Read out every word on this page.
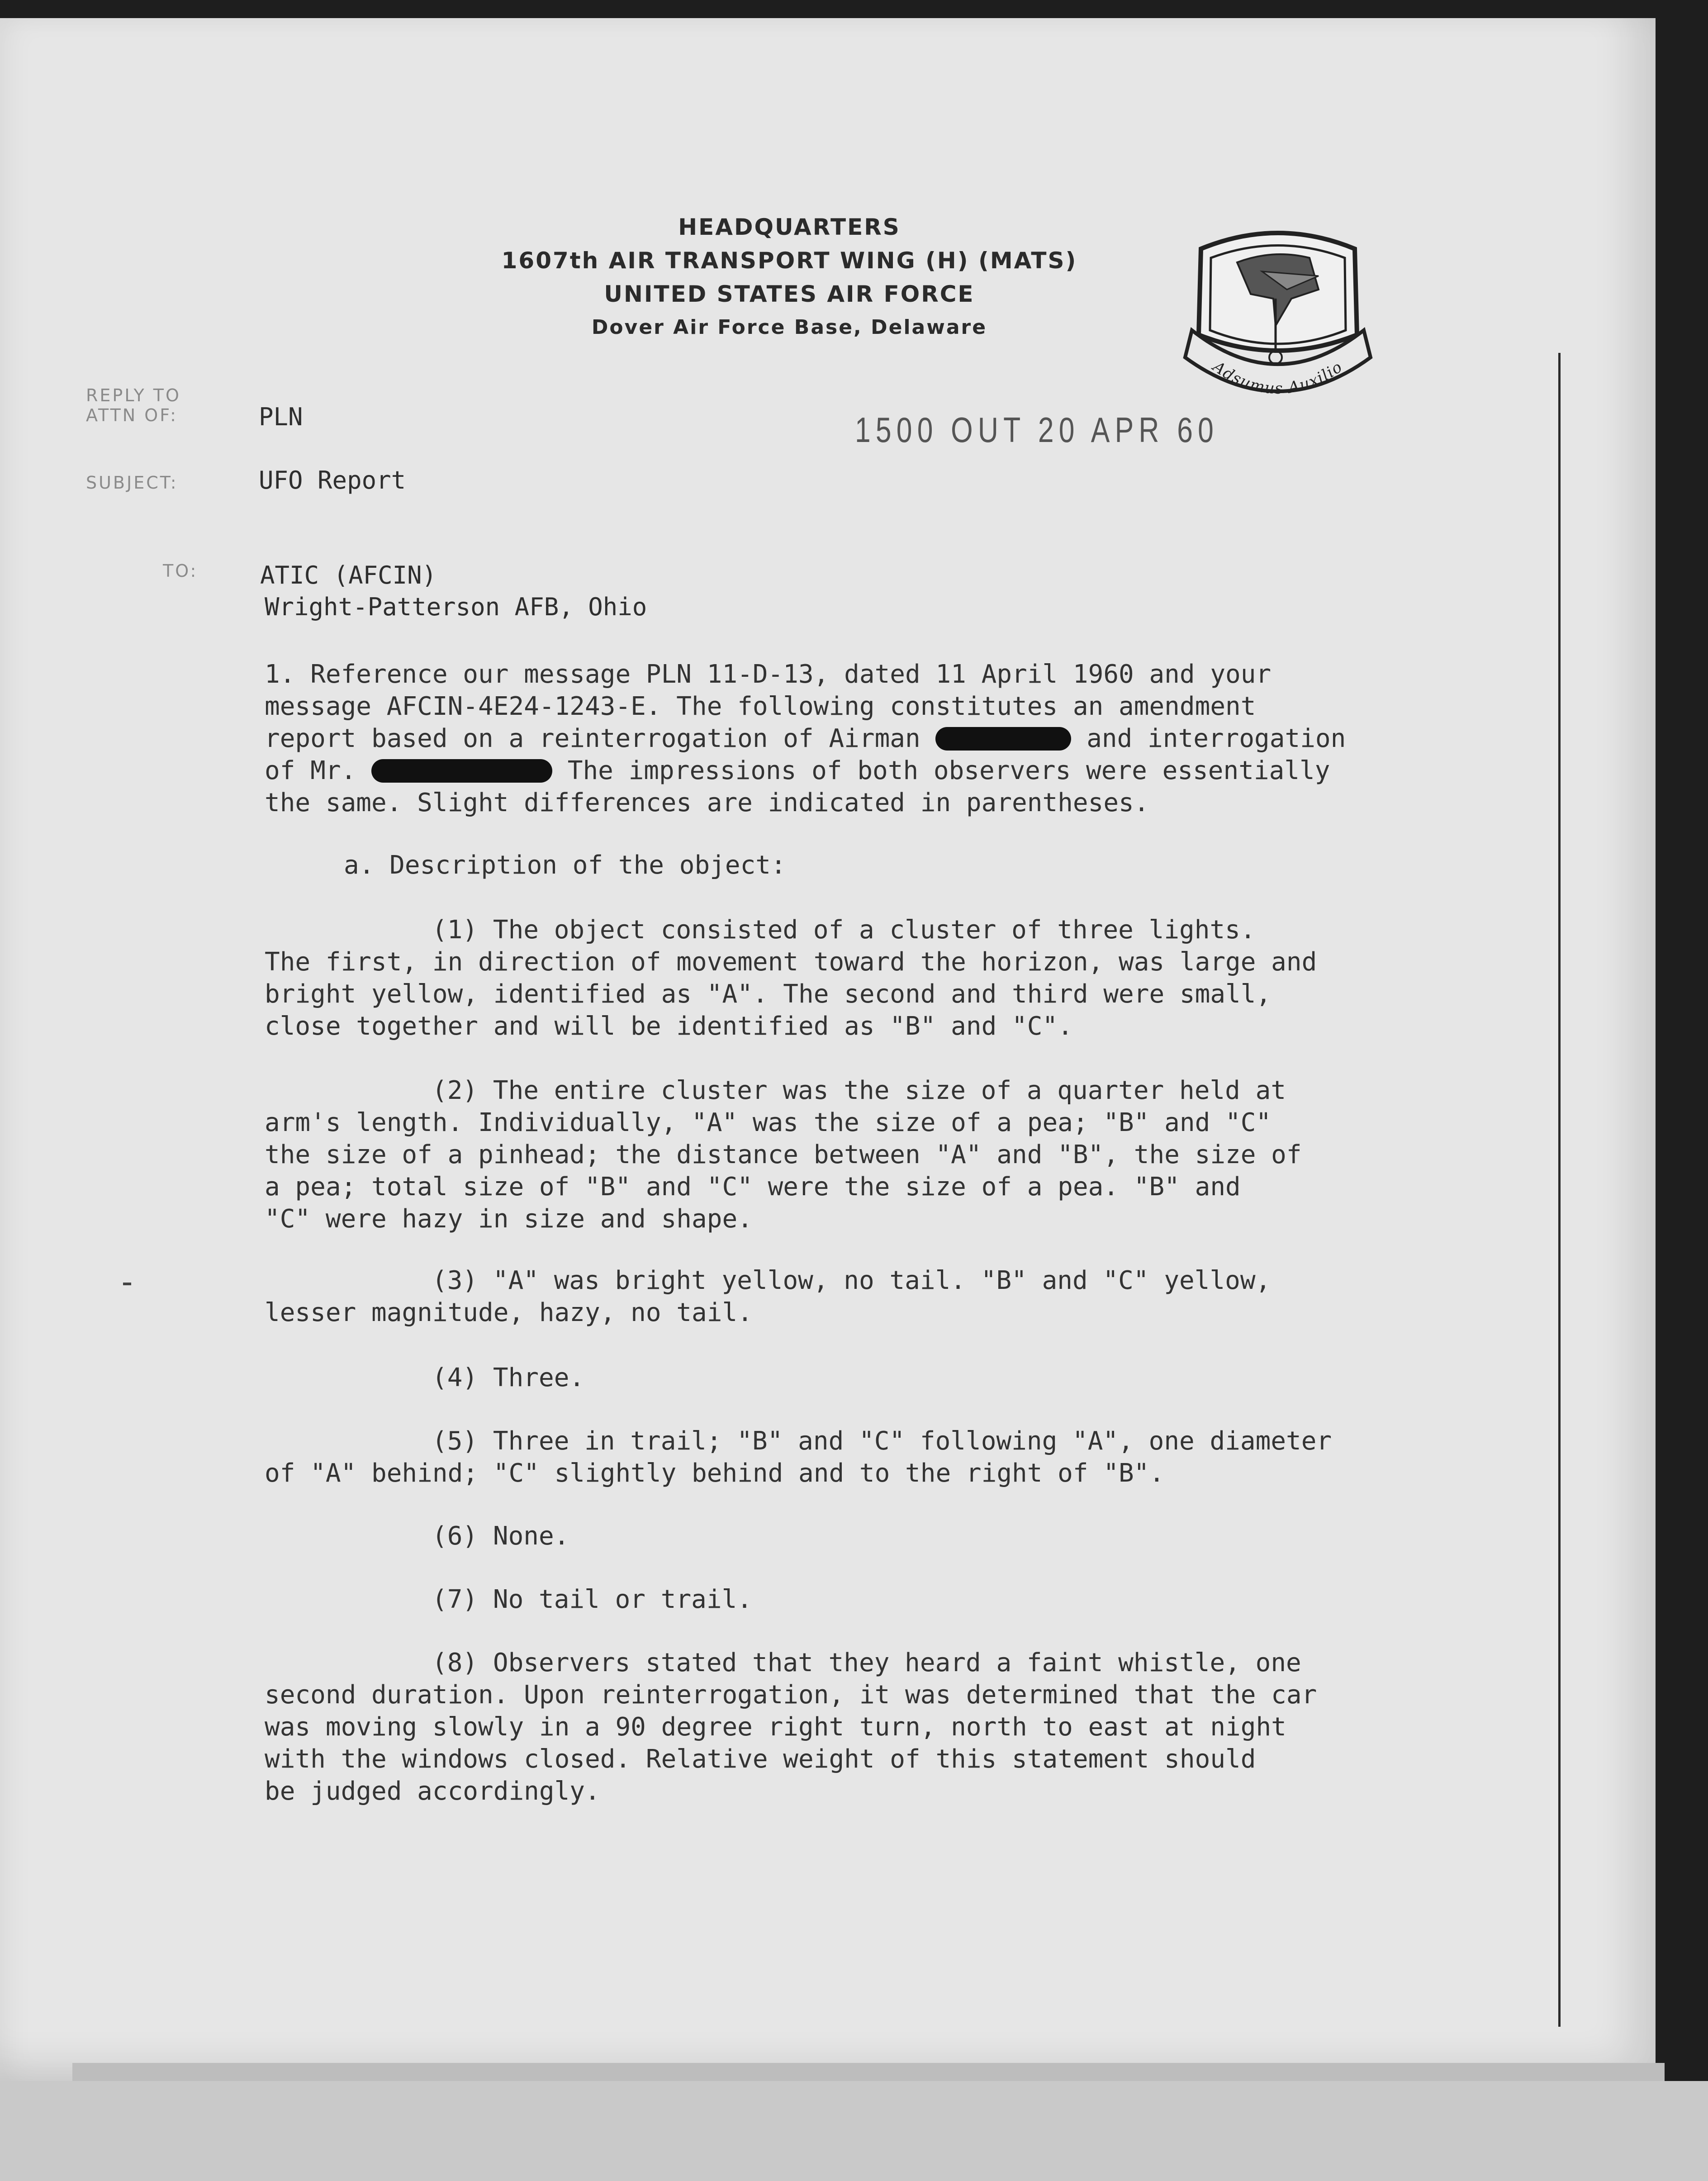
HEADQUARTERS
1607th AIR TRANSPORT WING (H) (MATS)
UNITED STATES AIR FORCE
Dover Air Force Base, Delaware
Adsumus Auxilio
REPLY TO
ATTN OF:	PLN	1500 OUT 20 APR 60
SUBJECT:	UFO Report
TO:	ATIC (AFCIN)
Wright-Patterson AFB, Ohio
1. Reference our message PLN 11-D-13, dated 11 April 1960 and your
message AFCIN-4E24-1243-E. The following constitutes an amendment
report based on a reinterrogation of Airman	and interrogation
of Mr.	The impressions of both observers were essentially
the same. Slight differences are indicated in parentheses.
a. Description of the object:
(1) The object consisted of a cluster of three lights.
The first, in direction of movement toward the horizon, was large and
bright yellow, identified as "A". The second and third were small,
close together and will be identified as "B" and "C".
(2) The entire cluster was the size of a quarter held at
arm's length. Individually, "A" was the size of a pea; "B" and "C"
the size of a pinhead; the distance between "A" and "B", the size of
a pea; total size of "B" and "C" were the size of a pea. "B" and
"C" were hazy in size and shape.
(3) "A" was bright yellow, no tail. "B" and "C" yellow,
lesser magnitude, hazy, no tail.
(4) Three.
(5) Three in trail; "B" and "C" following "A", one diameter
of "A" behind; "C" slightly behind and to the right of "B".
(6) None.
(7) No tail or trail.
(8) Observers stated that they heard a faint whistle, one
second duration. Upon reinterrogation, it was determined that the car
was moving slowly in a 90 degree right turn, north to east at night
with the windows closed. Relative weight of this statement should
be judged accordingly.
